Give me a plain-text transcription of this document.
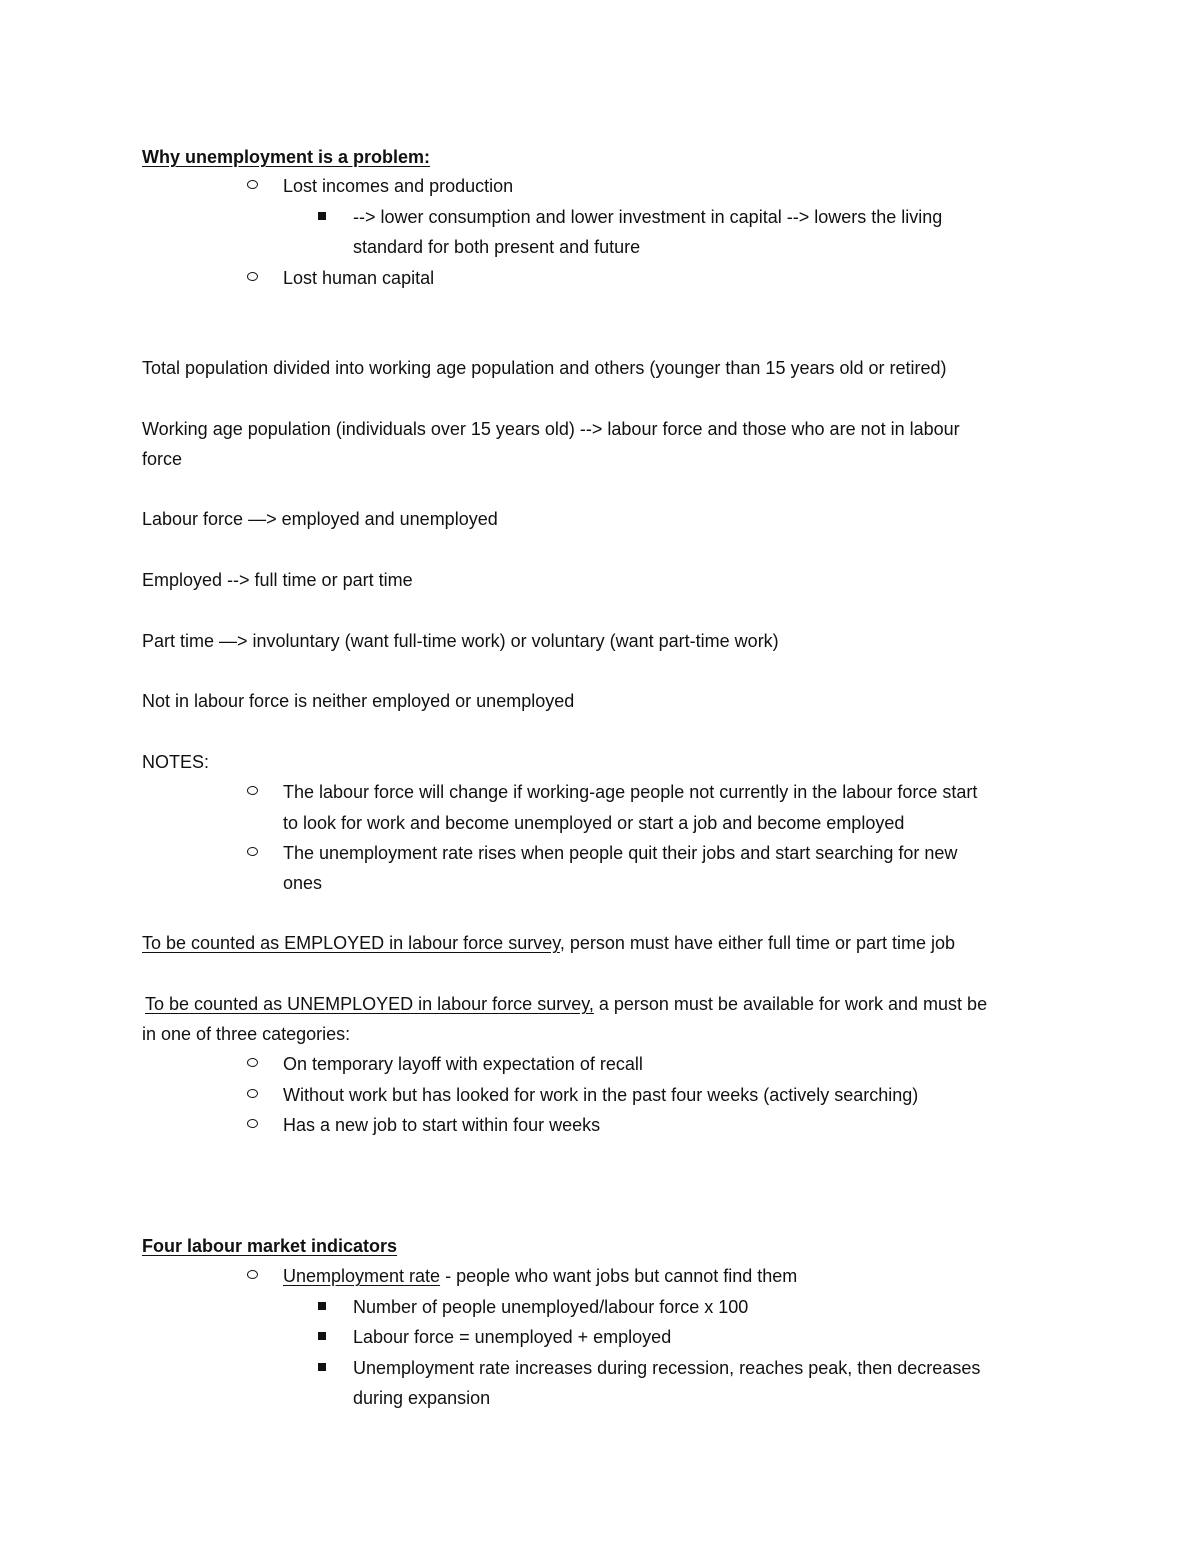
Why unemployment is a problem:
Lost incomes and production
--> lower consumption and lower investment in capital --> lowers the living
standard for both present and future
Lost human capital
Total population divided into working age population and others (younger than 15 years old or retired)
Working age population (individuals over 15 years old) --> labour force and those who are not in labour
force
Labour force —> employed and unemployed
Employed --> full time or part time
Part time —> involuntary (want full-time work) or voluntary (want part-time work)
Not in labour force is neither employed or unemployed
NOTES:
The labour force will change if working-age people not currently in the labour force start
to look for work and become unemployed or start a job and become employed
The unemployment rate rises when people quit their jobs and start searching for new
ones
To be counted as EMPLOYED in labour force survey, person must have either full time or part time job
To be counted as UNEMPLOYED in labour force survey, a person must be available for work and must be
in one of three categories:
On temporary layoff with expectation of recall
Without work but has looked for work in the past four weeks (actively searching)
Has a new job to start within four weeks
Four labour market indicators
Unemployment rate - people who want jobs but cannot find them
Number of people unemployed/labour force x 100
Labour force = unemployed + employed
Unemployment rate increases during recession, reaches peak, then decreases
during expansion
